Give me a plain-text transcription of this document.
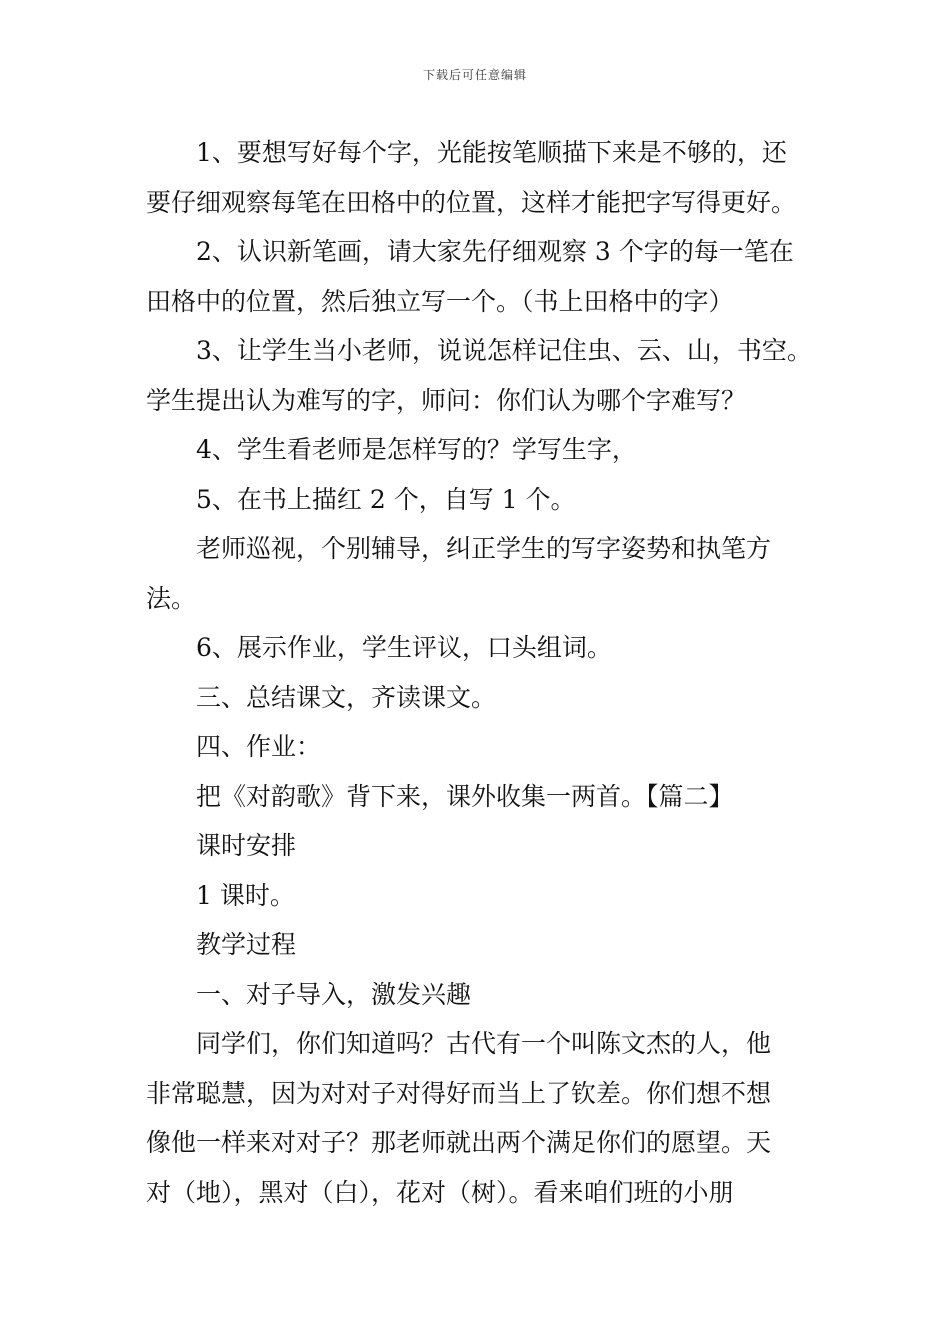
下载后可任意编辑

1、要想写好每个字，光能按笔顺描下来是不够的，还

要仔细观察每笔在田格中的位置，这样才能把字写得更好。

2、认识新笔画，请大家先仔细观察 3 个字的每一笔在

田格中的位置，然后独立写一个。（书上田格中的字）

3、让学生当小老师，说说怎样记住虫、云、山，书空。

学生提出认为难写的字，师问：你们认为哪个字难写？

4、学生看老师是怎样写的？学写生字，

5、在书上描红 2 个，自写 1 个。

老师巡视，个别辅导，纠正学生的写字姿势和执笔方

法。

6、展示作业，学生评议，口头组词。

三、总结课文，齐读课文。

四、作业：

把《对韵歌》背下来，课外收集一两首。【篇二】

课时安排

1 课时。

教学过程

一、对子导入，激发兴趣

同学们，你们知道吗？古代有一个叫陈文杰的人，他

非常聪慧，因为对对子对得好而当上了钦差。你们想不想

像他一样来对对子？那老师就出两个满足你们的愿望。天

对（地），黑对（白），花对（树）。看来咱们班的小朋
